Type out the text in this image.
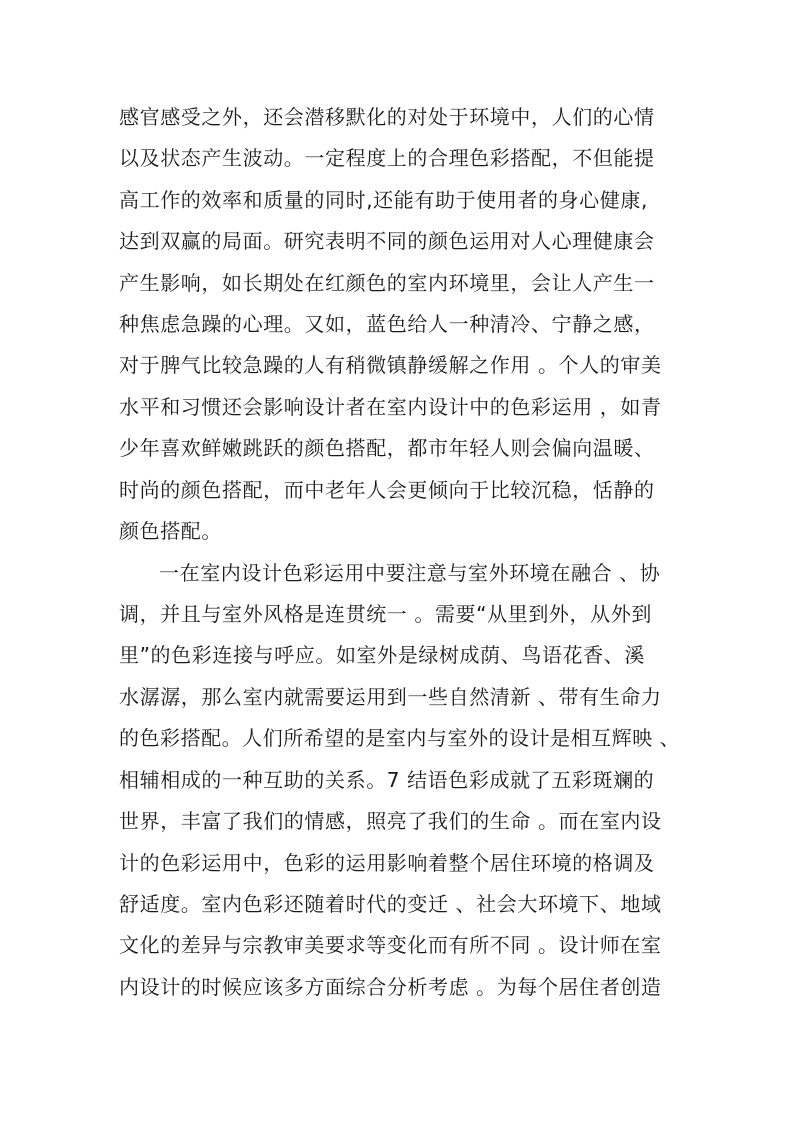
感官感受之外，还会潜移默化的对处于环境中，人们的心情
以及状态产生波动。一定程度上的合理色彩搭配，不但能提
高工作的效率和质量的同时,还能有助于使用者的身心健康,
达到双赢的局面。研究表明不同的颜色运用对人心理健康会
产生影响，如长期处在红颜色的室内环境里，会让人产生一
种焦虑急躁的心理。又如，蓝色给人一种清冷、宁静之感，
对于脾气比较急躁的人有稍微镇静缓解之作用 。个人的审美
水平和习惯还会影响设计者在室内设计中的色彩运用 ，如青
少年喜欢鲜嫩跳跃的颜色搭配，都市年轻人则会偏向温暖、
时尚的颜色搭配，而中老年人会更倾向于比较沉稳，恬静的
颜色搭配。
一在室内设计色彩运用中要注意与室外环境在融合 、协
调，并且与室外风格是连贯统一 。需要“从里到外，从外到
里”的色彩连接与呼应。如室外是绿树成荫、鸟语花香、溪
水潺潺，那么室内就需要运用到一些自然清新 、带有生命力
的色彩搭配。人们所希望的是室内与室外的设计是相互辉映 、
相辅相成的一种互助的关系。7 结语色彩成就了五彩斑斓的
世界，丰富了我们的情感，照亮了我们的生命 。而在室内设
计的色彩运用中，色彩的运用影响着整个居住环境的格调及
舒适度。室内色彩还随着时代的变迁 、社会大环境下、地域
文化的差异与宗教审美要求等变化而有所不同 。设计师在室
内设计的时候应该多方面综合分析考虑 。为每个居住者创造
